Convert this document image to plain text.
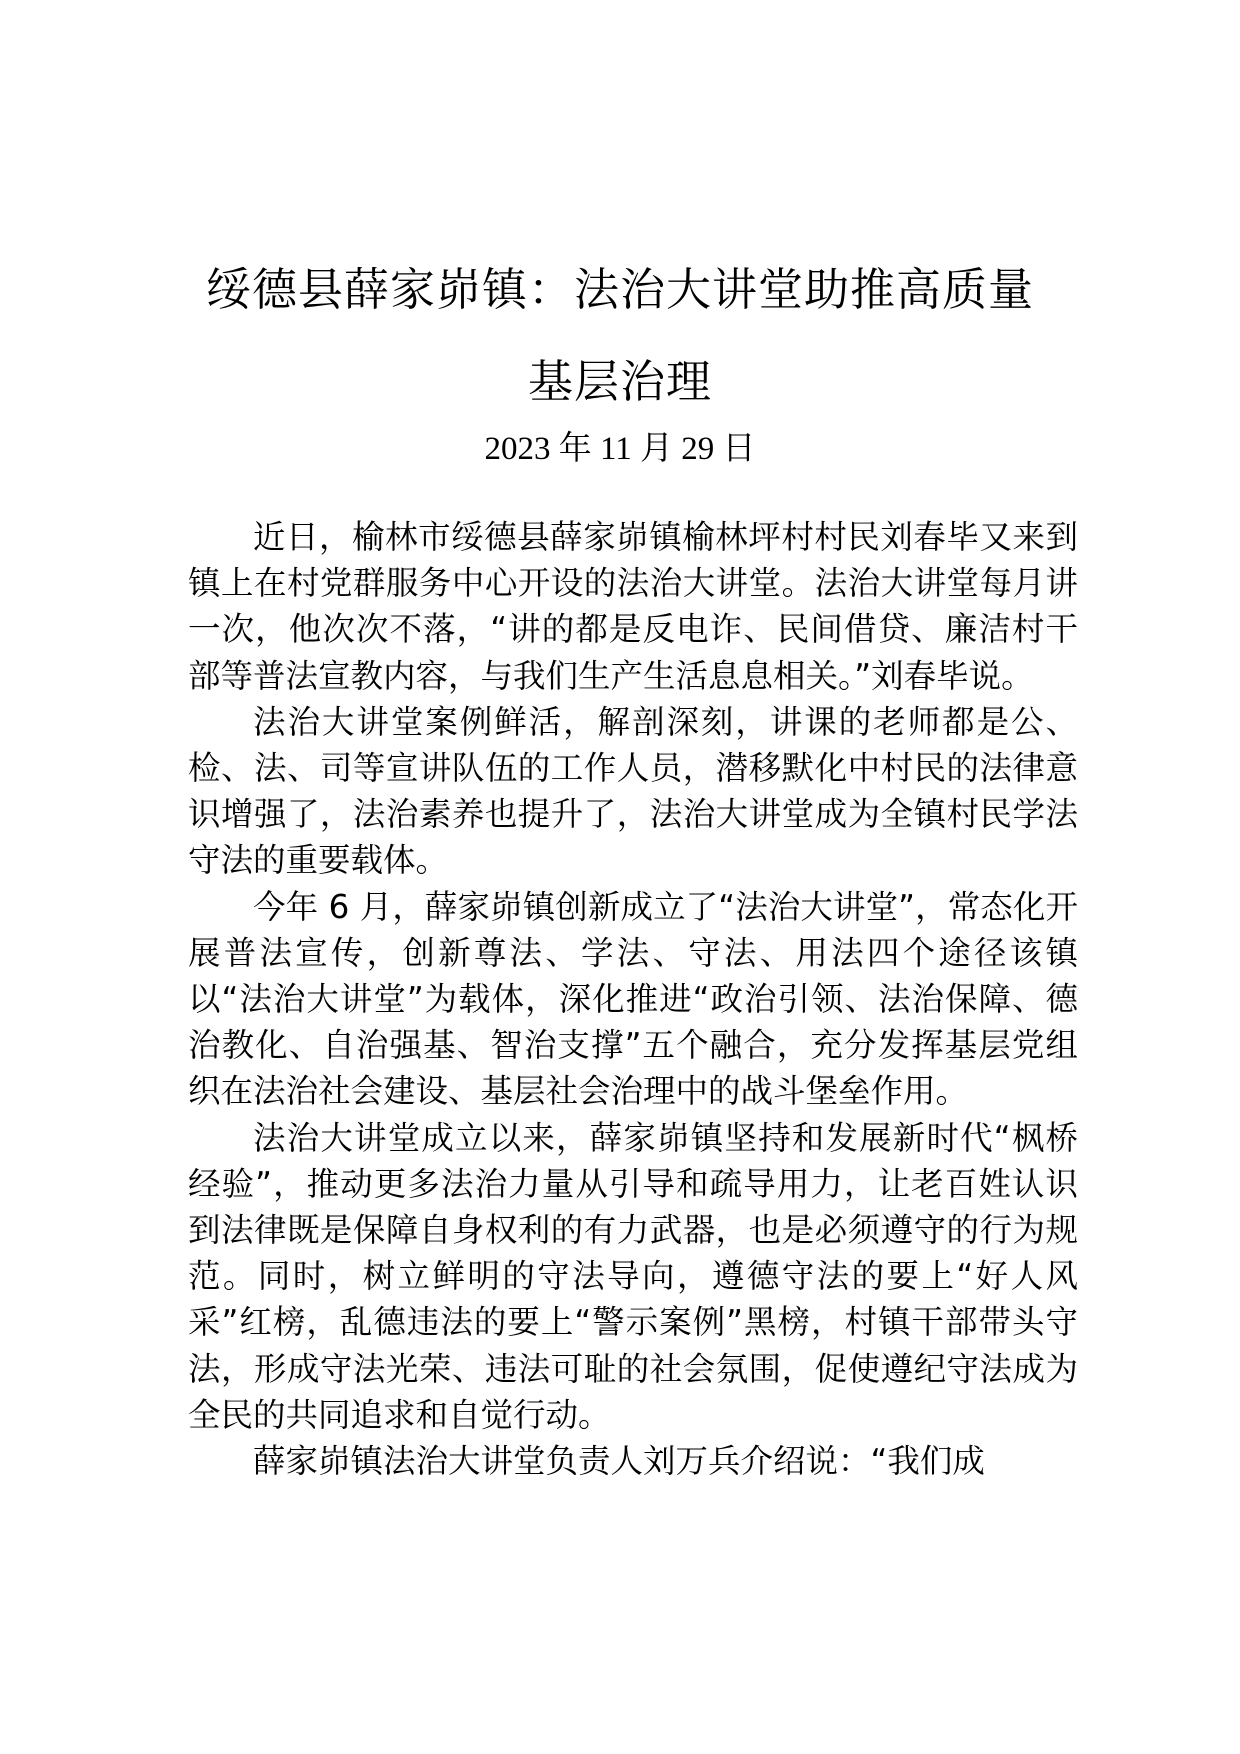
绥德县薛家峁镇：法治大讲堂助推高质量
基层治理
2023 年 11 月 29 日

近日，榆林市绥德县薛家峁镇榆林坪村村民刘春毕又来到镇上在村党群服务中心开设的法治大讲堂。法治大讲堂每月讲一次，他次次不落，“讲的都是反电诈、民间借贷、廉洁村干部等普法宣教内容，与我们生产生活息息相关。”刘春毕说。

法治大讲堂案例鲜活，解剖深刻，讲课的老师都是公、检、法、司等宣讲队伍的工作人员，潜移默化中村民的法律意识增强了，法治素养也提升了，法治大讲堂成为全镇村民学法守法的重要载体。

今年 6 月，薛家峁镇创新成立了“法治大讲堂”，常态化开展普法宣传，创新尊法、学法、守法、用法四个途径该镇以“法治大讲堂”为载体，深化推进“政治引领、法治保障、德治教化、自治强基、智治支撑”五个融合，充分发挥基层党组织在法治社会建设、基层社会治理中的战斗堡垒作用。

法治大讲堂成立以来，薛家峁镇坚持和发展新时代“枫桥经验”，推动更多法治力量从引导和疏导用力，让老百姓认识到法律既是保障自身权利的有力武器，也是必须遵守的行为规范。同时，树立鲜明的守法导向，遵德守法的要上“好人风采”红榜，乱德违法的要上“警示案例”黑榜，村镇干部带头守法，形成守法光荣、违法可耻的社会氛围，促使遵纪守法成为全民的共同追求和自觉行动。

薛家峁镇法治大讲堂负责人刘万兵介绍说：“我们成
